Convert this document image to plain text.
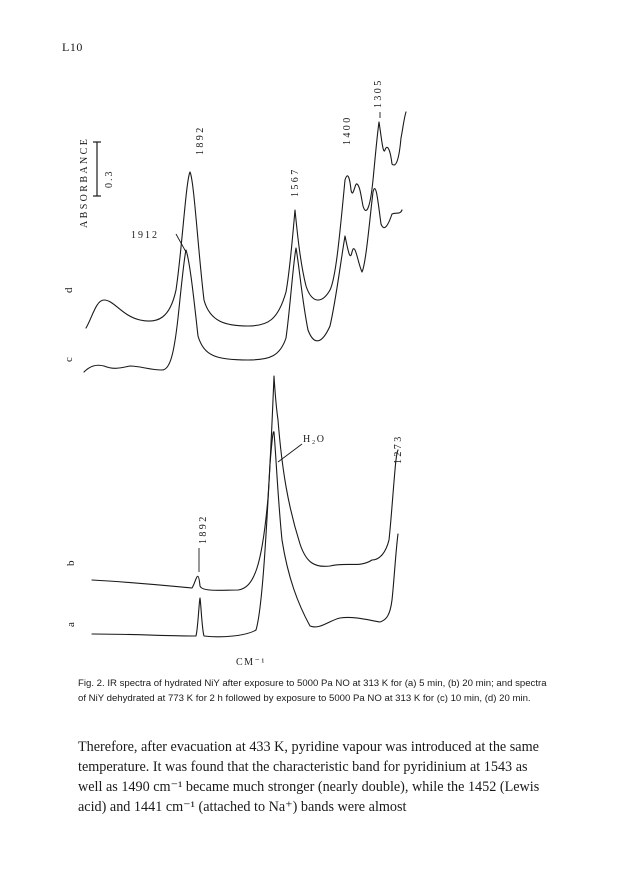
L10
ABSORBANCE 0.3
d
c
b
a
1892
1567
1400
1305
1273
1892
1912
H₂O
CM⁻¹
Fig. 2. IR spectra of hydrated NiY after exposure to 5000 Pa NO at 313 K for (a) 5 min, (b) 20 min; and spectra of NiY dehydrated at 773 K for 2 h followed by exposure to 5000 Pa NO at 313 K for (c) 10 min, (d) 20 min.
Therefore, after evacuation at 433 K, pyridine vapour was introduced at the same temperature. It was found that the characteristic band for pyridinium at 1543 as well as 1490 cm⁻¹ became much stronger (nearly double), while the 1452 (Lewis acid) and 1441 cm⁻¹ (attached to Na⁺) bands were almost
